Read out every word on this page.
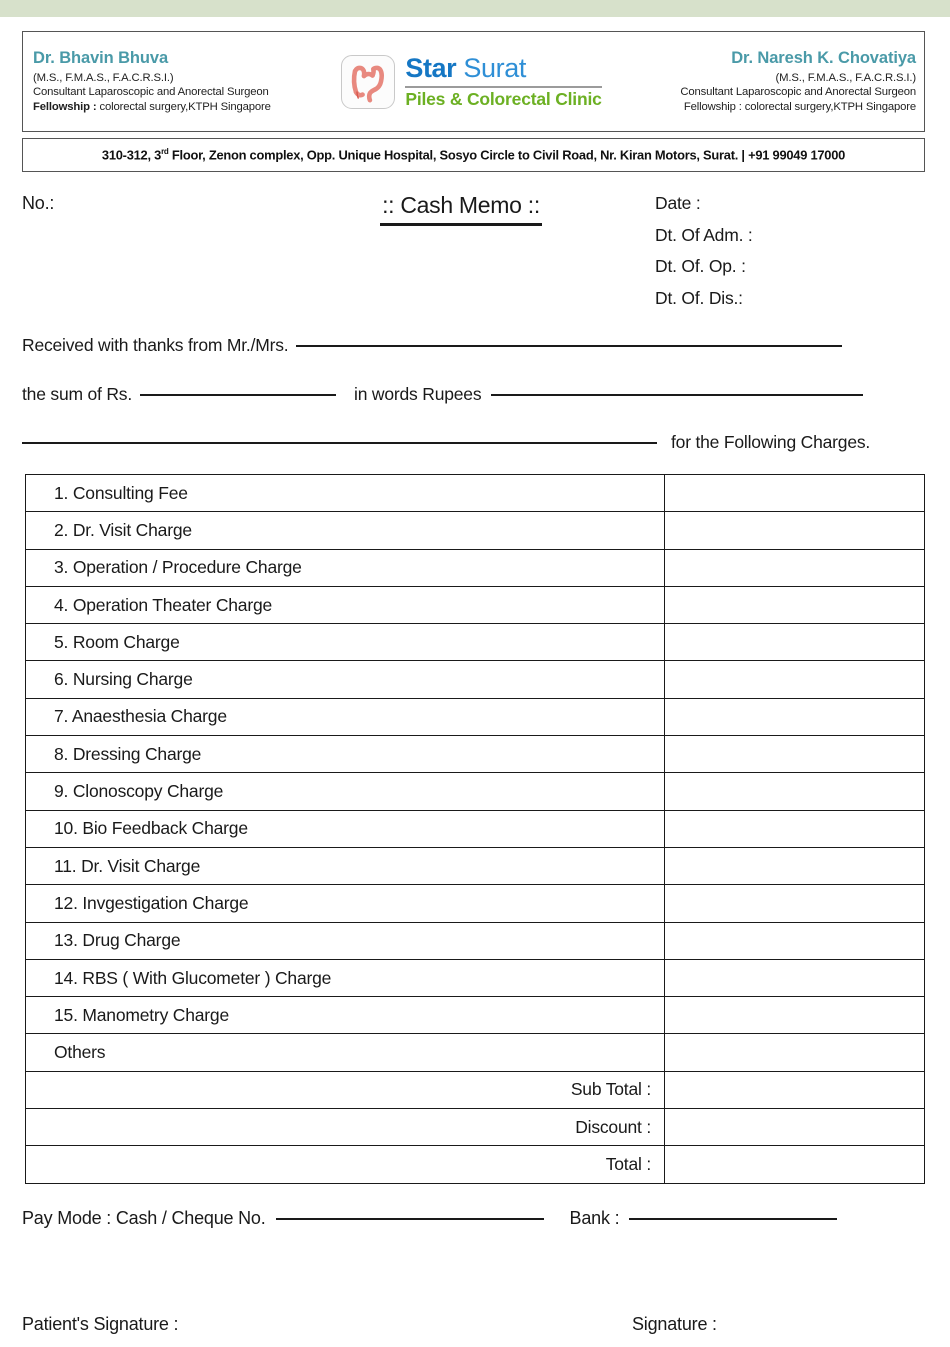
Dr. Bhavin Bhuva
(M.S., F.M.A.S., F.A.C.R.S.I.)
Consultant Laparoscopic and Anorectal Surgeon
Fellowship : colorectal surgery,KTPH Singapore
Star Surat
Piles & Colorectal Clinic
Dr. Naresh K. Chovatiya
(M.S., F.M.A.S., F.A.C.R.S.I.)
Consultant Laparoscopic and Anorectal Surgeon
Fellowship : colorectal surgery,KTPH Singapore
310-312, 3rd Floor, Zenon complex, Opp. Unique Hospital, Sosyo Circle to Civil Road, Nr. Kiran Motors, Surat. | +91 99049 17000
No.:	:: Cash Memo ::	Date :
Dt. Of Adm. :
Dt. Of. Op. :
Dt. Of. Dis.:
Received with thanks from Mr./Mrs.
the sum of Rs.	in words Rupees
for the Following Charges.
1. Consulting Fee	
2. Dr. Visit Charge	
3. Operation / Procedure Charge	
4. Operation Theater Charge	
5. Room Charge	
6. Nursing Charge	
7. Anaesthesia Charge	
8. Dressing Charge	
9. Clonoscopy Charge	
10. Bio Feedback Charge	
11. Dr. Visit Charge	
12. Invgestigation Charge	
13. Drug Charge	
14. RBS ( With Glucometer ) Charge	
15. Manometry Charge	
Others	
Sub Total :	
Discount :	
Total :	
Pay Mode : Cash / Cheque No.	Bank :
Patient's Signature :	Signature :
